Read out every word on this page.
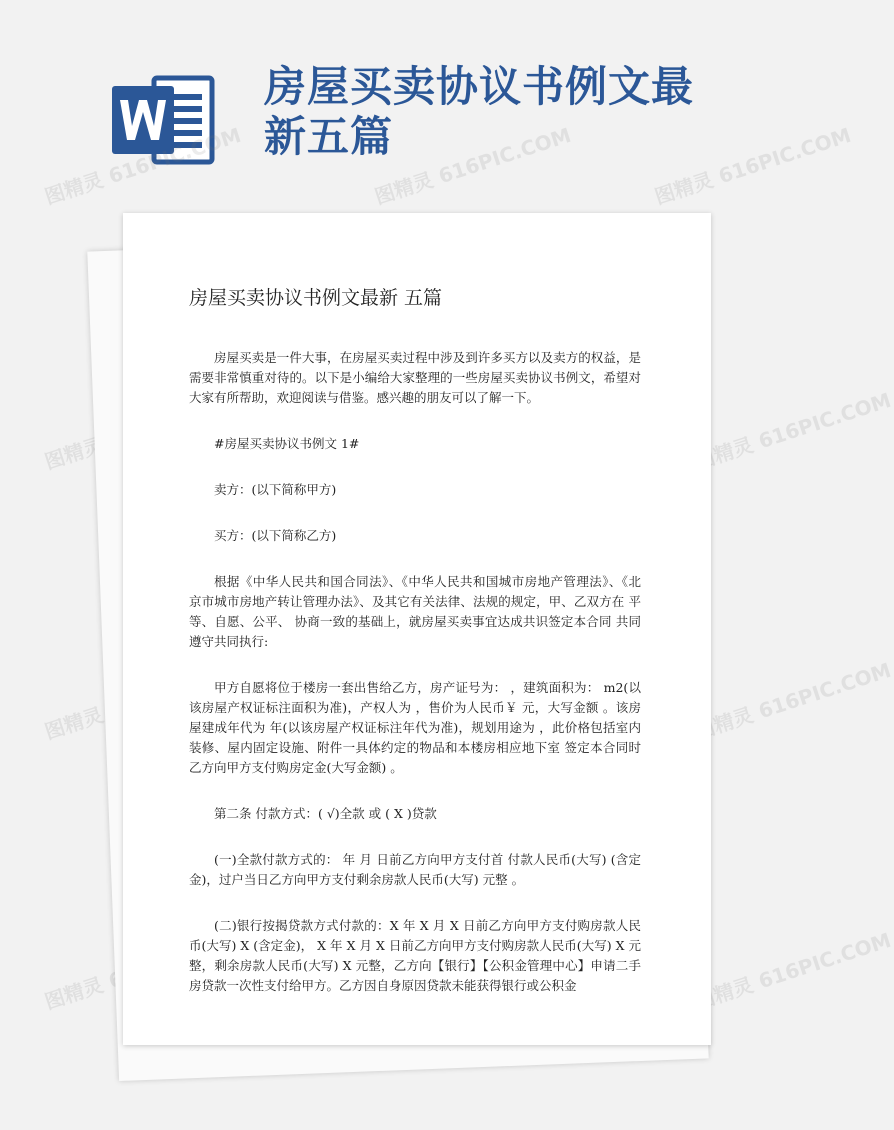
房屋买卖协议书例文最新五篇
图精灵 616PIC.COM	图精灵 616PIC.COM	图精灵 616PIC.COM
图精灵	图精灵 616PIC.COM
图精灵	图精灵 616PIC.COM
图精灵	图精灵 616PIC.COM
房屋买卖协议书例文最新 五篇

房屋买卖是一件大事，在房屋买卖过程中涉及到许多买方以及卖方的权益，是需要非常慎重对待的。以下是小编给大家整理的一些房屋买卖协议书例文，希望对大家有所帮助，欢迎阅读与借鉴。感兴趣的朋友可以了解一下。

#房屋买卖协议书例文 1#

卖方：(以下简称甲方)

买方：(以下简称乙方)

根据《中华人民共和国合同法》、《中华人民共和国城市房地产管理法》、《北 京市城市房地产转让管理办法》、及其它有关法律、法规的规定，甲、乙双方在 平等、自愿、公平、 协商一致的基础上，就房屋买卖事宜达成共识签定本合同 共同遵守共同执行:

甲方自愿将位于楼房一套出售给乙方，房产证号为： ，建筑面积为： m2(以该房屋产权证标注面积为准)，产权人为 ，售价为人民币￥ 元，大写金额 。该房屋建成年代为 年(以该房屋产权证标注年代为准)，规划用途为 ，此价格包括室内装修、屋内固定设施、附件一具体约定的物品和本楼房相应地下室 签定本合同时乙方向甲方支付购房定金(大写金额) 。

第二条 付款方式：( √)全款 或 ( X )贷款

(一)全款付款方式的： 年 月 日前乙方向甲方支付首 付款人民币(大写) (含定金)，过户当日乙方向甲方支付剩余房款人民币(大写) 元整 。

(二)银行按揭贷款方式付款的：X 年 X 月 X 日前乙方向甲方支付购房款人民币(大写) X (含定金)， X 年 X 月 X 日前乙方向甲方支付购房款人民币(大写) X 元整，剩余房款人民币(大写) X 元整，乙方向【银行】【公积金管理中心】申请二手房贷款一次性支付给甲方。乙方因自身原因贷款未能获得银行或公积金
